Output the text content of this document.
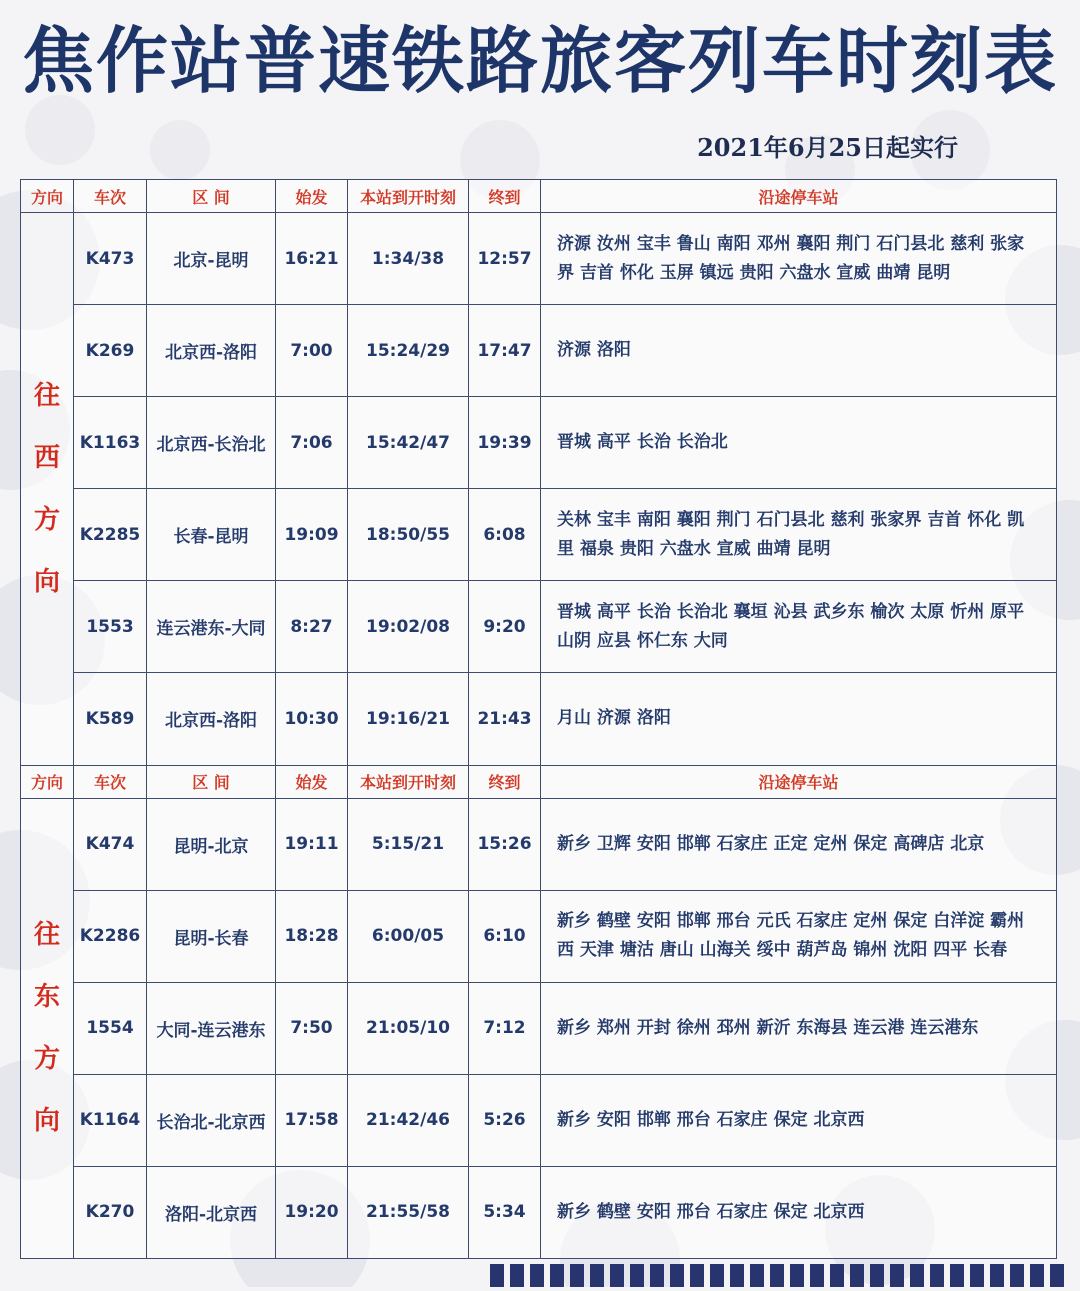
焦作站普速铁路旅客列车时刻表
2021年6月25日起实行
方向	车次	区 间	始发	本站到开时刻	终到	沿途停车站

往
西
方
向	K473	北京-昆明	16:21	1:34/38	12:57	济源 汝州 宝丰 鲁山 南阳 邓州 襄阳 荆门 石门县北 慈利 张家界 吉首 怀化 玉屏 镇远 贵阳 六盘水 宣威 曲靖 昆明
	K269	北京西-洛阳	7:00	15:24/29	17:47	济源 洛阳
	K1163	北京西-长治北	7:06	15:42/47	19:39	晋城 高平 长治 长治北
	K2285	长春-昆明	19:09	18:50/55	6:08	关林 宝丰 南阳 襄阳 荆门 石门县北 慈利 张家界 吉首 怀化 凯里 福泉 贵阳 六盘水 宣威 曲靖 昆明
	1553	连云港东-大同	8:27	19:02/08	9:20	晋城 高平 长治 长治北 襄垣 沁县 武乡东 榆次 太原 忻州 原平 山阴 应县 怀仁东 大同
	K589	北京西-洛阳	10:30	19:16/21	21:43	月山 济源 洛阳
方向	车次	区 间	始发	本站到开时刻	终到	沿途停车站

往
东
方
向	K474	昆明-北京	19:11	5:15/21	15:26	新乡 卫辉 安阳 邯郸 石家庄 正定 定州 保定 高碑店 北京
	K2286	昆明-长春	18:28	6:00/05	6:10	新乡 鹤壁 安阳 邯郸 邢台 元氏 石家庄 定州 保定 白洋淀 霸州西 天津 塘沽 唐山 山海关 绥中 葫芦岛 锦州 沈阳 四平 长春
	1554	大同-连云港东	7:50	21:05/10	7:12	新乡 郑州 开封 徐州 邳州 新沂 东海县 连云港 连云港东
	K1164	长治北-北京西	17:58	21:42/46	5:26	新乡 安阳 邯郸 邢台 石家庄 保定 北京西
	K270	洛阳-北京西	19:20	21:55/58	5:34	新乡 鹤壁 安阳 邢台 石家庄 保定 北京西
